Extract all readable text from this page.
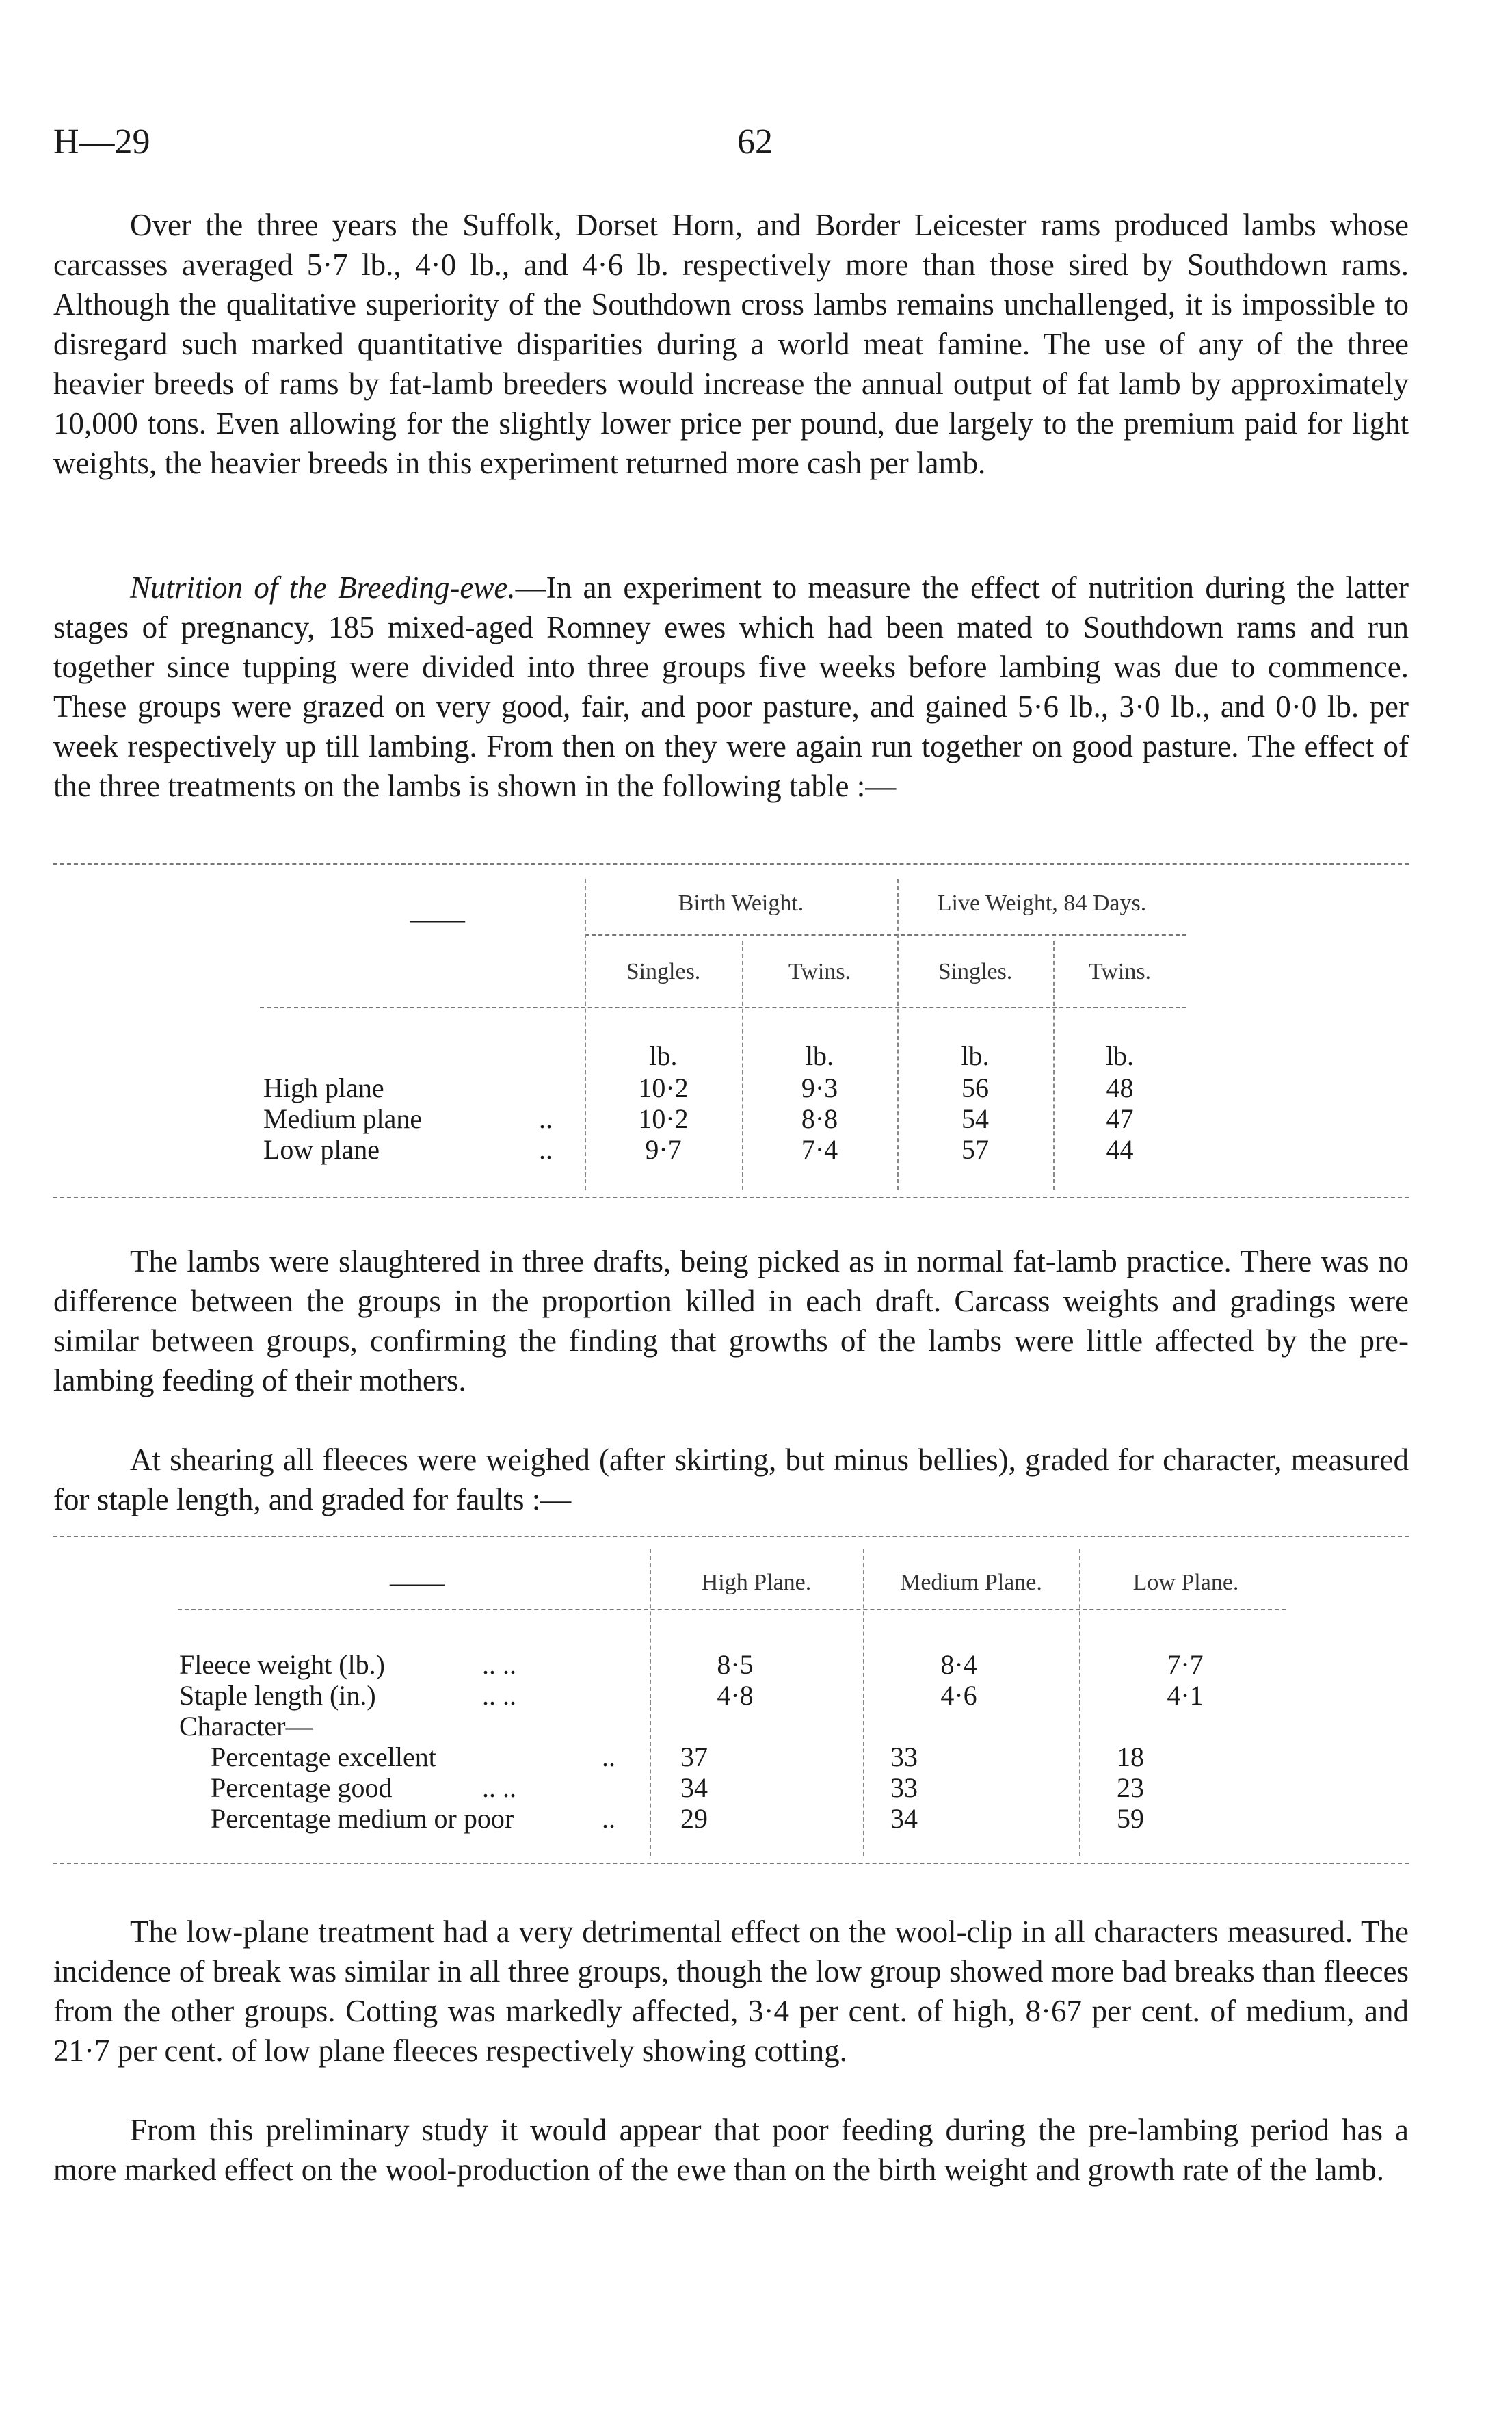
H—29	62

Over the three years the Suffolk, Dorset Horn, and Border Leicester rams produced lambs whose carcasses averaged 5·7 lb., 4·0 lb., and 4·6 lb. respectively more than those sired by Southdown rams. Although the qualitative superiority of the Southdown cross lambs remains unchallenged, it is impossible to disregard such marked quantitative disparities during a world meat famine. The use of any of the three heavier breeds of rams by fat-lamb breeders would increase the annual output of fat lamb by approximately 10,000 tons. Even allowing for the slightly lower price per pound, due largely to the premium paid for light weights, the heavier breeds in this experiment returned more cash per lamb.

Nutrition of the Breeding-ewe.—In an experiment to measure the effect of nutrition during the latter stages of pregnancy, 185 mixed-aged Romney ewes which had been mated to Southdown rams and run together since tupping were divided into three groups five weeks before lambing was due to commence. These groups were grazed on very good, fair, and poor pasture, and gained 5·6 lb., 3·0 lb., and 0·0 lb. per week respectively up till lambing. From then on they were again run together on good pasture. The effect of the three treatments on the lambs is shown in the following table :—

——
Birth Weight.	Live Weight, 84 Days.
Singles.	Twins.	Singles.	Twins.
lb.	lb.	lb.	lb.
High plane	10·2	9·3	56	48
Medium plane	..	10·2	8·8	54	47
Low plane	..	9·7	7·4	57	44

The lambs were slaughtered in three drafts, being picked as in normal fat-lamb practice. There was no difference between the groups in the proportion killed in each draft. Carcass weights and gradings were similar between groups, confirming the finding that growths of the lambs were little affected by the pre-lambing feeding of their mothers.

At shearing all fleeces were weighed (after skirting, but minus bellies), graded for character, measured for staple length, and graded for faults :—

——	High Plane.	Medium Plane.	Low Plane.
Fleece weight (lb.)	.. ..	8·5	8·4	7·7
Staple length (in.)	.. ..	4·8	4·6	4·1
Character—
Percentage excellent	..	37	33	18
Percentage good	.. ..	34	33	23
Percentage medium or poor	..	29	34	59

The low-plane treatment had a very detrimental effect on the wool-clip in all characters measured. The incidence of break was similar in all three groups, though the low group showed more bad breaks than fleeces from the other groups. Cotting was markedly affected, 3·4 per cent. of high, 8·67 per cent. of medium, and 21·7 per cent. of low plane fleeces respectively showing cotting.

From this preliminary study it would appear that poor feeding during the pre-lambing period has a more marked effect on the wool-production of the ewe than on the birth weight and growth rate of the lamb.
